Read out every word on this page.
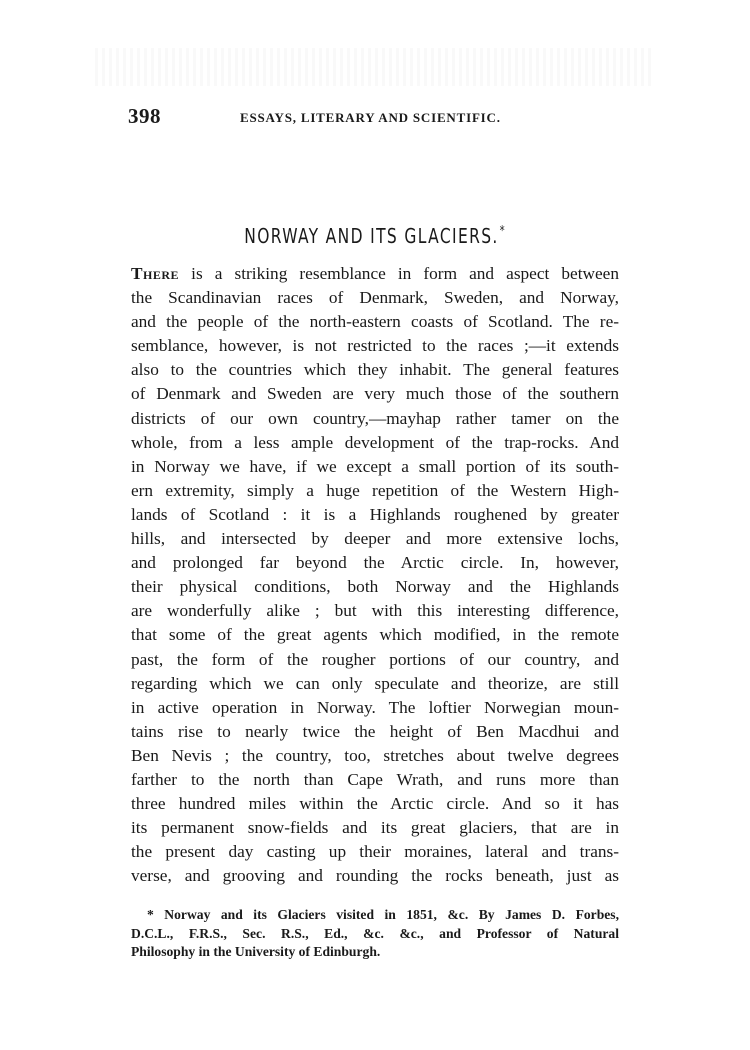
398	ESSAYS, LITERARY AND SCIENTIFIC.
NORWAY AND ITS GLACIERS.*
There is a striking resemblance in form and aspect between
the Scandinavian races of Denmark, Sweden, and Norway,
and the people of the north-eastern coasts of Scotland. The re-
semblance, however, is not restricted to the races ;—it extends
also to the countries which they inhabit. The general features
of Denmark and Sweden are very much those of the southern
districts of our own country,—mayhap rather tamer on the
whole, from a less ample development of the trap-rocks. And
in Norway we have, if we except a small portion of its south-
ern extremity, simply a huge repetition of the Western High-
lands of Scotland : it is a Highlands roughened by greater
hills, and intersected by deeper and more extensive lochs,
and prolonged far beyond the Arctic circle. In, however,
their physical conditions, both Norway and the Highlands
are wonderfully alike ; but with this interesting difference,
that some of the great agents which modified, in the remote
past, the form of the rougher portions of our country, and
regarding which we can only speculate and theorize, are still
in active operation in Norway. The loftier Norwegian moun-
tains rise to nearly twice the height of Ben Macdhui and
Ben Nevis ; the country, too, stretches about twelve degrees
farther to the north than Cape Wrath, and runs more than
three hundred miles within the Arctic circle. And so it has
its permanent snow-fields and its great glaciers, that are in
the present day casting up their moraines, lateral and trans-
verse, and grooving and rounding the rocks beneath, just as
* Norway and its Glaciers visited in 1851, &c. By James D. Forbes,
D.C.L., F.R.S., Sec. R.S., Ed., &c. &c., and Professor of Natural
Philosophy in the University of Edinburgh.
